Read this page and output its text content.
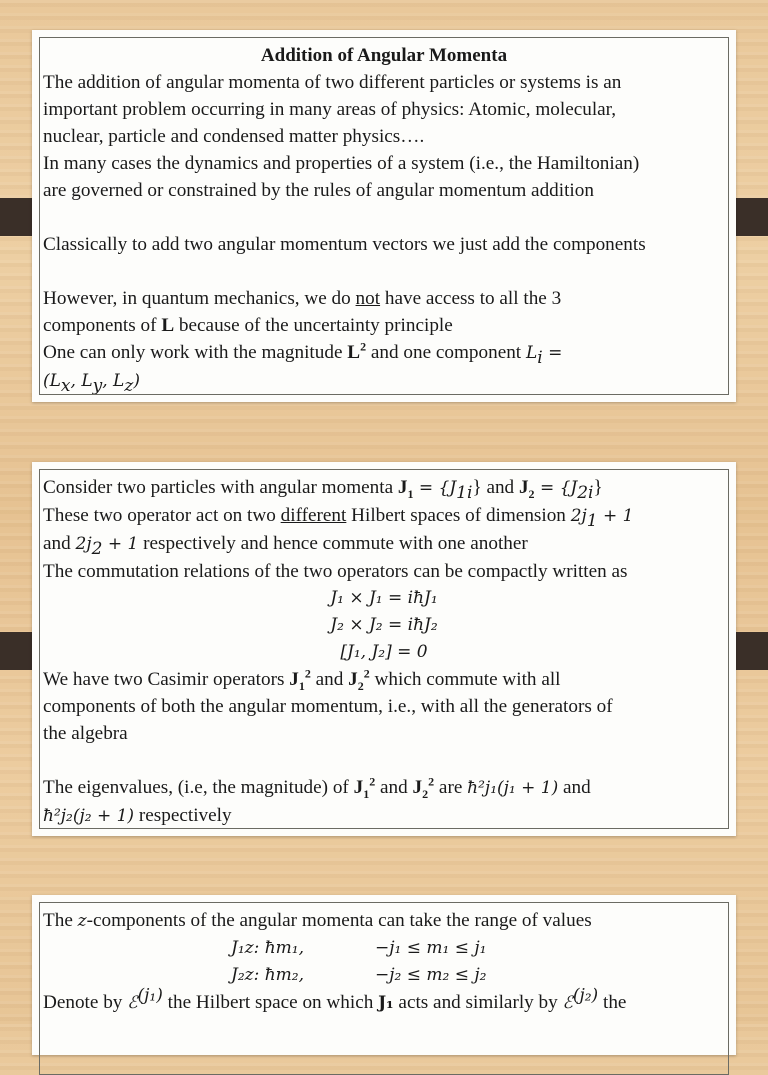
Addition of Angular Momenta
The addition of angular momenta of two different particles or systems is an
important problem occurring in many areas of physics: Atomic, molecular,
nuclear, particle and condensed matter physics….
In many cases the dynamics and properties of a system (i.e., the Hamiltonian)
are governed or constrained by the rules of angular momentum addition
Classically to add two angular momentum vectors we just add the components
However, in quantum mechanics, we do not have access to all the 3
components of L because of the uncertainty principle
One can only work with the magnitude $L^2$ and one component $L_i$ =
($L_x$, $L_y$, $L_z$)
Consider two particles with angular momenta $J_1 = \{J_{1i}\}$ and $J_2 = \{J_{2i}\}$
These two operator act on two different Hilbert spaces of dimension $2j_1 + 1$
and $2j_2 + 1$ respectively and hence commute with one another
The commutation relations of the two operators can be compactly written as
J₁ × J₁ = iħJ₁
J₂ × J₂ = iħJ₂
[J₁, J₂] = 0
We have two Casimir operators $J_1^2$ and $J_2^2$ which commute with all
components of both the angular momentum, i.e., with all the generators of
the algebra
The eigenvalues, (i.e, the magnitude) of $J_1^2$ and $J_2^2$ are ħ²j₁(j₁ + 1) and
ħ²j₂(j₂ + 1) respectively
The z-components of the angular momenta can take the range of values
J₁z: ħm₁,	−j₁ ≤ m₁ ≤ j₁
J₂z: ħm₂,	−j₂ ≤ m₂ ≤ j₂
Denote by ℰ$^{(j_1)}$ the Hilbert space on which J₁ acts and similarly by ℰ$^{(j_2)}$ the
